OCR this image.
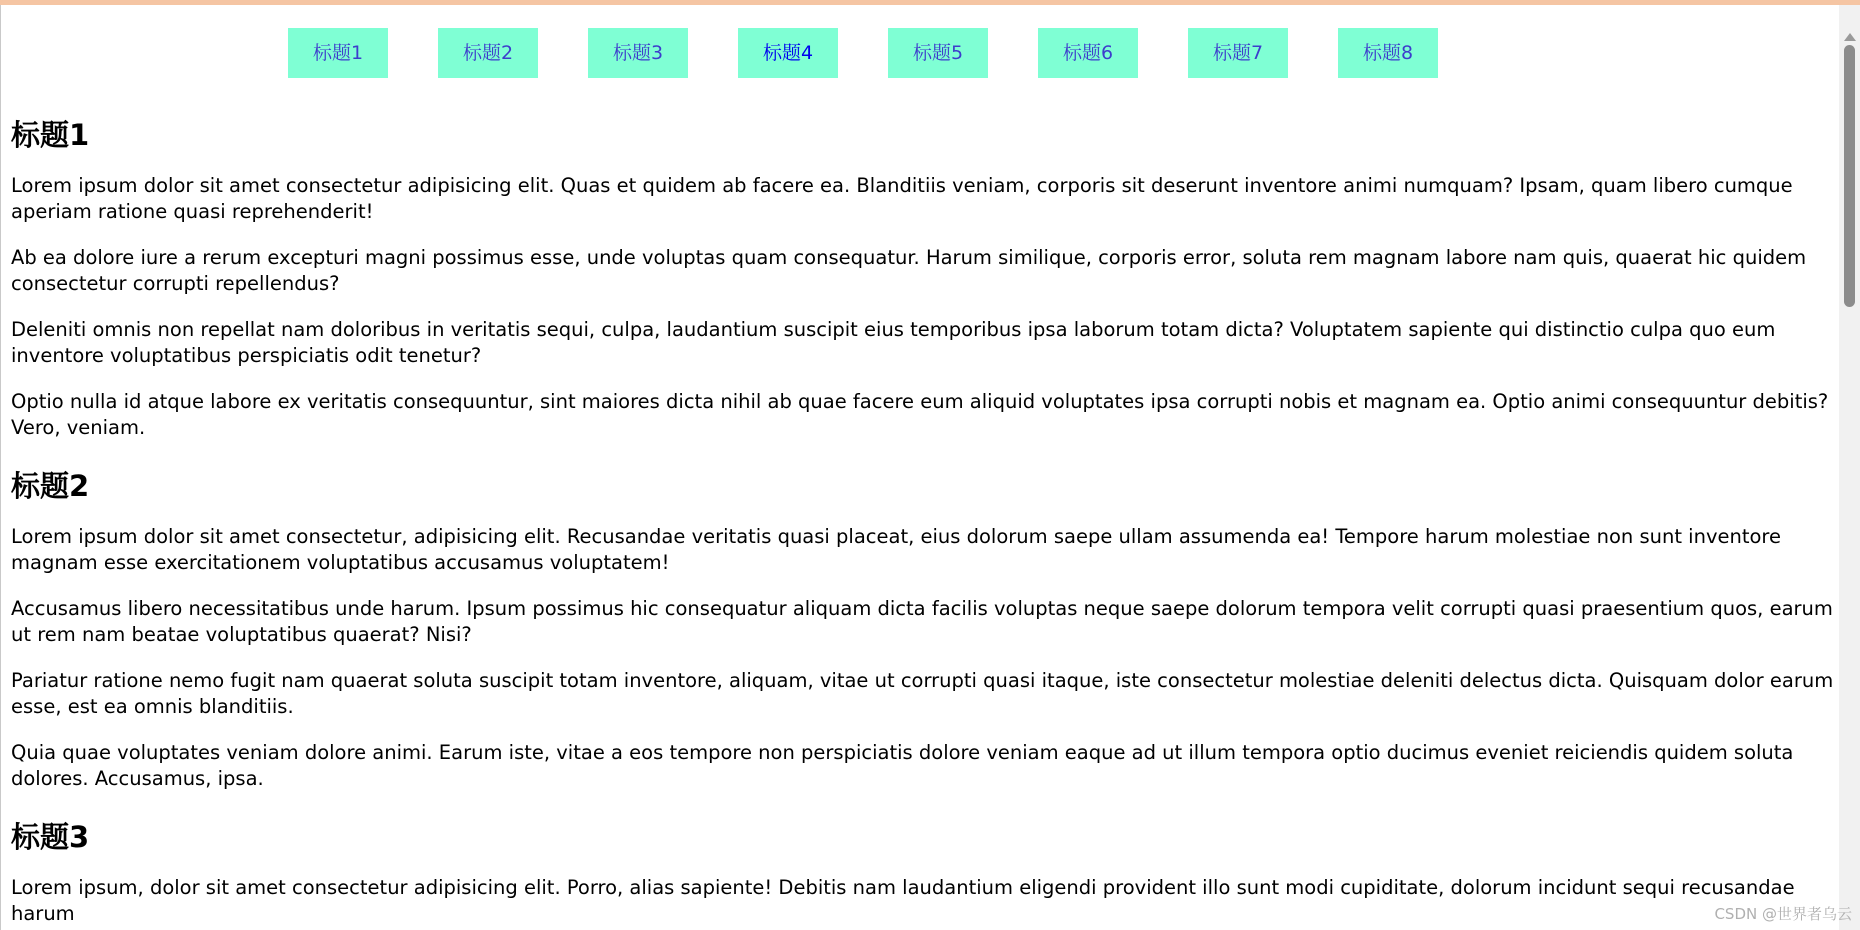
标题1	标题2	标题3	标题4	标题5	标题6	标题7	标题8
标题1

Lorem ipsum dolor sit amet consectetur adipisicing elit. Quas et quidem ab facere ea. Blanditiis veniam, corporis sit deserunt inventore animi numquam? Ipsam, quam libero cumque aperiam ratione quasi reprehenderit!

Ab ea dolore iure a rerum excepturi magni possimus esse, unde voluptas quam consequatur. Harum similique, corporis error, soluta rem magnam labore nam quis, quaerat hic quidem consectetur corrupti repellendus?

Deleniti omnis non repellat nam doloribus in veritatis sequi, culpa, laudantium suscipit eius temporibus ipsa laborum totam dicta? Voluptatem sapiente qui distinctio culpa quo eum inventore voluptatibus perspiciatis odit tenetur?

Optio nulla id atque labore ex veritatis consequuntur, sint maiores dicta nihil ab quae facere eum aliquid voluptates ipsa corrupti nobis et magnam ea. Optio animi consequuntur debitis? Vero, veniam.

标题2

Lorem ipsum dolor sit amet consectetur, adipisicing elit. Recusandae veritatis quasi placeat, eius dolorum saepe ullam assumenda ea! Tempore harum molestiae non sunt inventore magnam esse exercitationem voluptatibus accusamus voluptatem!

Accusamus libero necessitatibus unde harum. Ipsum possimus hic consequatur aliquam dicta facilis voluptas neque saepe dolorum tempora velit corrupti quasi praesentium quos, earum ut rem nam beatae voluptatibus quaerat? Nisi?

Pariatur ratione nemo fugit nam quaerat soluta suscipit totam inventore, aliquam, vitae ut corrupti quasi itaque, iste consectetur molestiae deleniti delectus dicta. Quisquam dolor earum esse, est ea omnis blanditiis.

Quia quae voluptates veniam dolore animi. Earum iste, vitae a eos tempore non perspiciatis dolore veniam eaque ad ut illum tempora optio ducimus eveniet reiciendis quidem soluta dolores. Accusamus, ipsa.

标题3

Lorem ipsum, dolor sit amet consectetur adipisicing elit. Porro, alias sapiente! Debitis nam laudantium eligendi provident illo sunt modi cupiditate, dolorum incidunt sequi recusandae harum	CSDN @世界者乌云
